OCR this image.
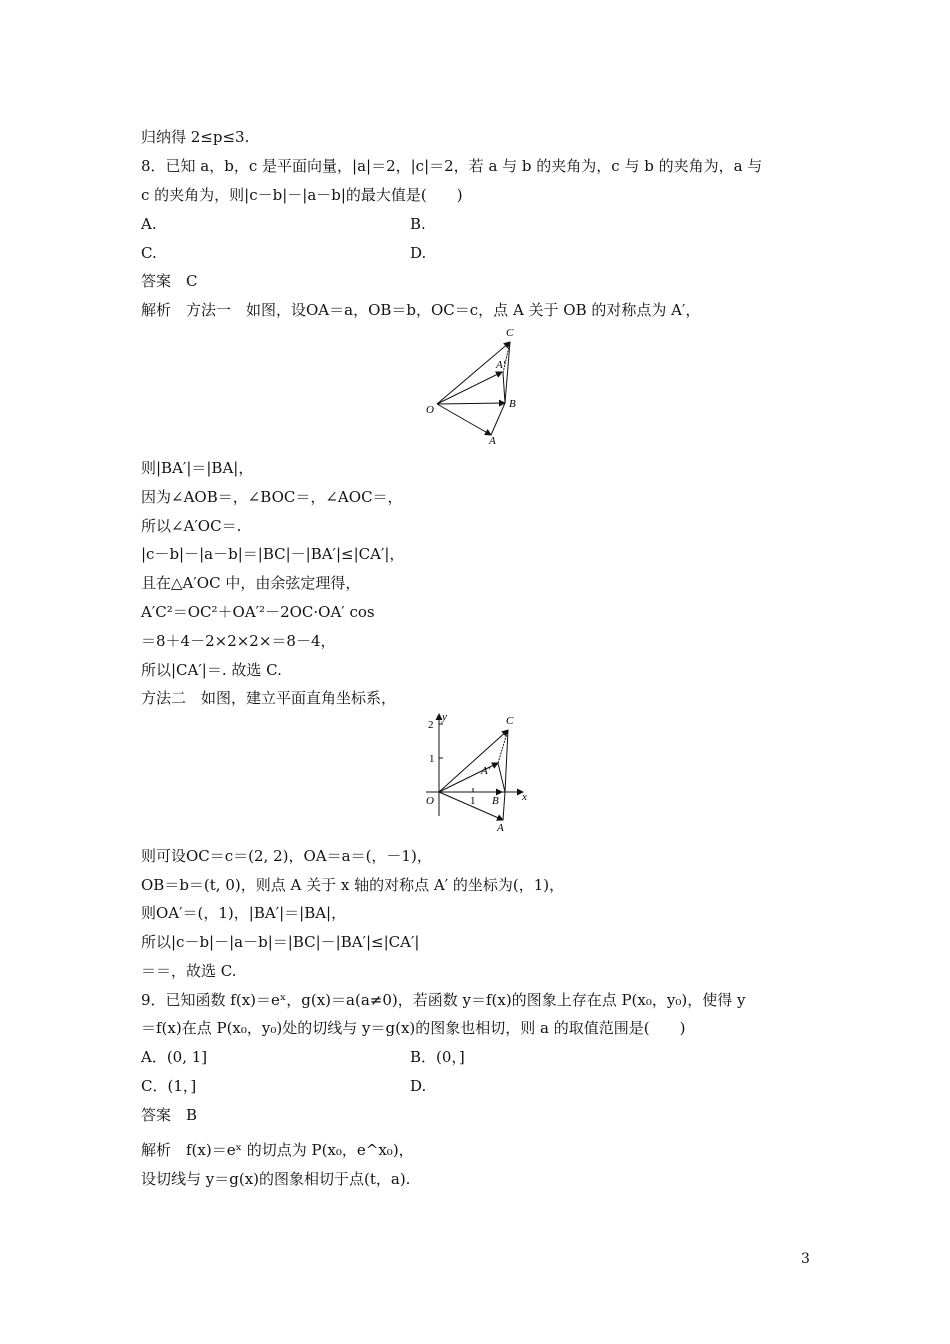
归纳得 2≤p≤3.
8．已知 a，b，c 是平面向量，|a|＝2，|c|＝2，若 a 与 b 的夹角为，c 与 b 的夹角为，a 与
c 的夹角为，则|c－b|－|a－b|的最大值是(　　)
A.	B.
C.	D.
答案　C
解析　方法一　如图，设OA＝a，OB＝b，OC＝c，点 A 关于 OB 的对称点为 A′，
O
A
B
C
A′
则|BA′|＝|BA|，
因为∠AOB＝，∠BOC＝，∠AOC＝，
所以∠A′OC＝.
|c－b|－|a－b|＝|BC|－|BA′|≤|CA′|，
且在△A′OC 中，由余弦定理得，
A′C²＝OC²＋OA′²－2OC·OA′ cos
＝8＋4－2×2×2×＝8－4，
所以|CA′|＝. 故选 C.
方法二　如图，建立平面直角坐标系，
y
x
2
1
1
O
A
B
C
A′
则可设OC＝c＝(2, 2)，OA＝a＝(，－1)，
OB＝b＝(t, 0)，则点 A 关于 x 轴的对称点 A′ 的坐标为(，1)，
则OA′＝(，1)，|BA′|＝|BA|，
所以|c－b|－|a－b|＝|BC|－|BA′|≤|CA′|
＝＝，故选 C.
9．已知函数 f(x)＝eˣ，g(x)＝a(a≠0)，若函数 y＝f(x)的图象上存在点 P(x₀，y₀)，使得 y
＝f(x)在点 P(x₀，y₀)处的切线与 y＝g(x)的图象也相切，则 a 的取值范围是(　　)
A．(0, 1]	B．(0，]
C．(1，]	D.
答案　B
解析　f(x)＝eˣ 的切点为 P(x₀，e^x₀)，
设切线与 y＝g(x)的图象相切于点(t，a).
3
